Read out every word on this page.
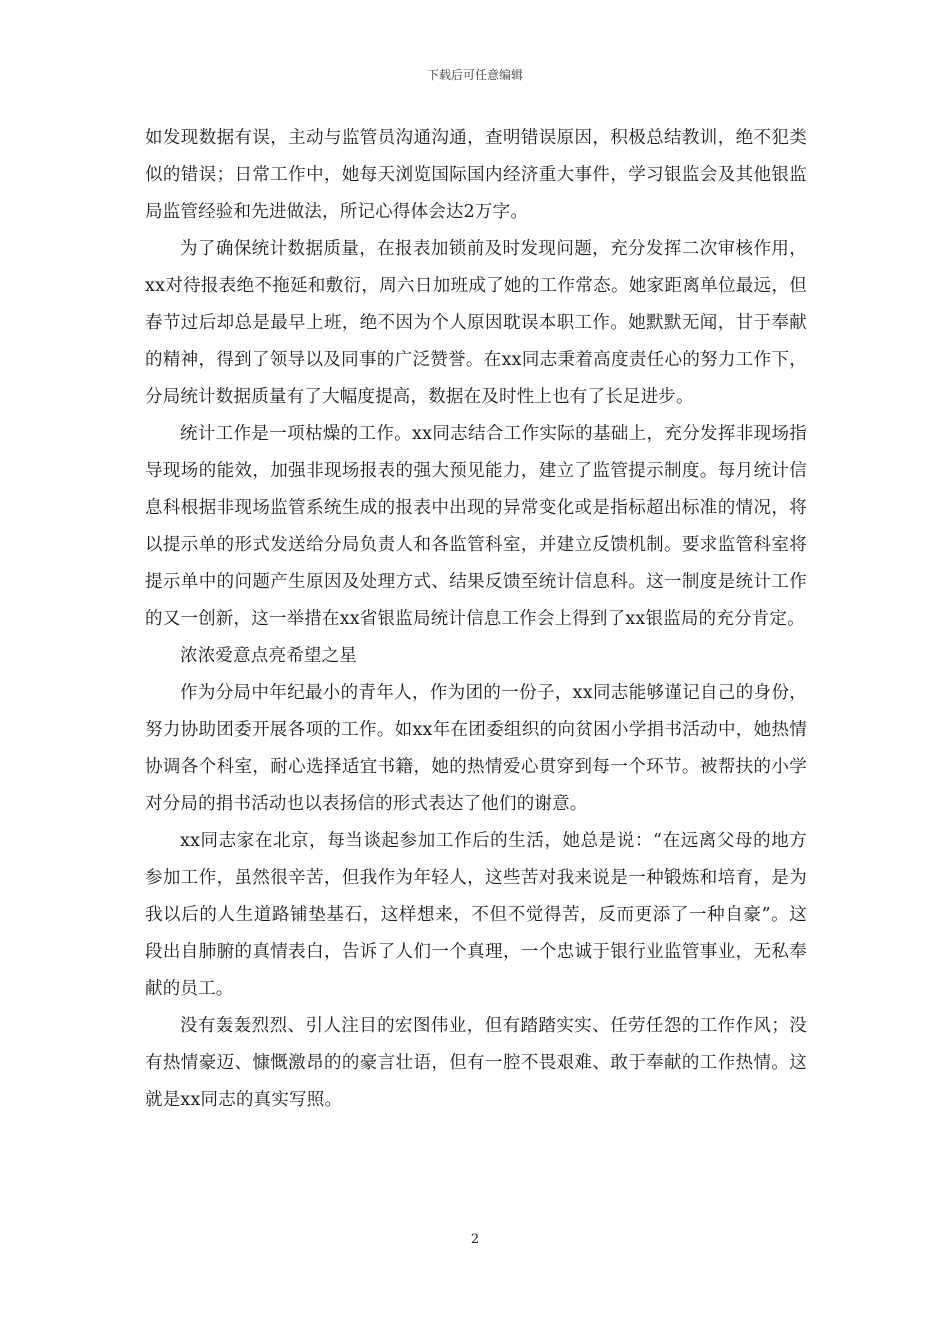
下载后可任意编辑

如发现数据有误，主动与监管员沟通沟通，查明错误原因，积极总结教训，绝不犯类似的错误；日常工作中，她每天浏览国际国内经济重大事件，学习银监会及其他银监局监管经验和先进做法，所记心得体会达2万字。

为了确保统计数据质量，在报表加锁前及时发现问题，充分发挥二次审核作用，xx对待报表绝不拖延和敷衍，周六日加班成了她的工作常态。她家距离单位最远，但春节过后却总是最早上班，绝不因为个人原因耽误本职工作。她默默无闻，甘于奉献的精神，得到了领导以及同事的广泛赞誉。在xx同志秉着高度责任心的努力工作下，分局统计数据质量有了大幅度提高，数据在及时性上也有了长足进步。

统计工作是一项枯燥的工作。xx同志结合工作实际的基础上，充分发挥非现场指导现场的能效，加强非现场报表的强大预见能力，建立了监管提示制度。每月统计信息科根据非现场监管系统生成的报表中出现的异常变化或是指标超出标准的情况，将以提示单的形式发送给分局负责人和各监管科室，并建立反馈机制。要求监管科室将提示单中的问题产生原因及处理方式、结果反馈至统计信息科。这一制度是统计工作的又一创新，这一举措在xx省银监局统计信息工作会上得到了xx银监局的充分肯定。

浓浓爱意点亮希望之星

作为分局中年纪最小的青年人，作为团的一份子，xx同志能够谨记自己的身份，努力协助团委开展各项的工作。如xx年在团委组织的向贫困小学捐书活动中，她热情协调各个科室，耐心选择适宜书籍，她的热情爱心贯穿到每一个环节。被帮扶的小学对分局的捐书活动也以表扬信的形式表达了他们的谢意。

xx同志家在北京，每当谈起参加工作后的生活，她总是说：“在远离父母的地方参加工作，虽然很辛苦，但我作为年轻人，这些苦对我来说是一种锻炼和培育，是为我以后的人生道路铺垫基石，这样想来，不但不觉得苦，反而更添了一种自豪”。这段出自肺腑的真情表白，告诉了人们一个真理，一个忠诚于银行业监管事业，无私奉献的员工。

没有轰轰烈烈、引人注目的宏图伟业，但有踏踏实实、任劳任怨的工作作风；没有热情豪迈、慷慨激昂的的豪言壮语，但有一腔不畏艰难、敢于奉献的工作热情。这就是xx同志的真实写照。

2
